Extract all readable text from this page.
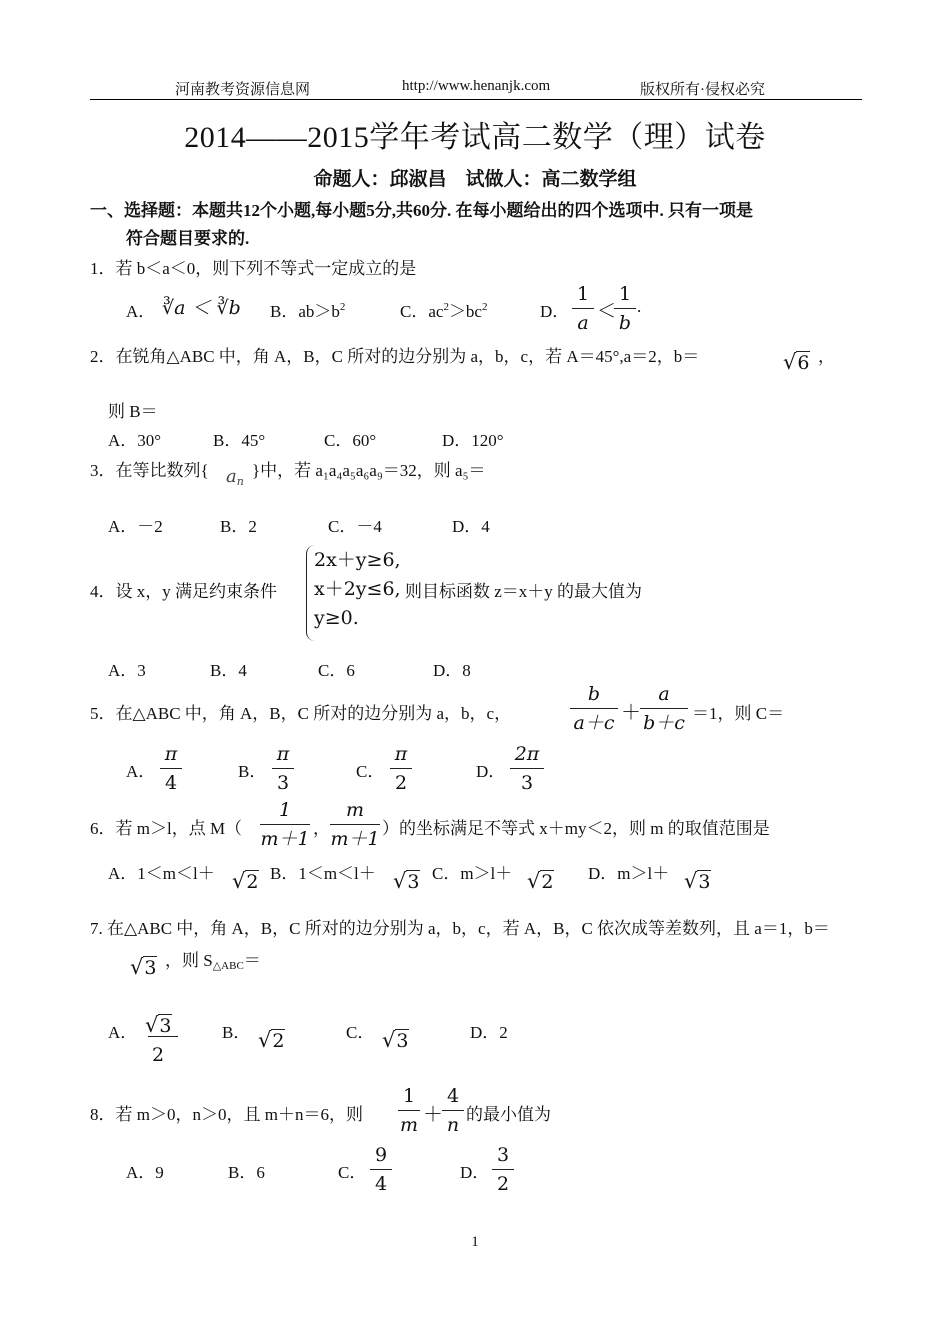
河南教考资源信息网	http://www.henanjk.com	版权所有·侵权必究
2014——2015学年考试高二数学（理）试卷
命题人：邱淑昌　试做人：高二数学组
一、选择题：本题共12个小题,每小题5分,共60分. 在每小题给出的四个选项中. 只有一项是
符合题目要求的.
1．若 b＜a＜0，则下列不等式一定成立的是
A． ∛a ＜ ∛b B．$ab>b^2$	C．$ac^2>bc^2$	D．
1
a
＜
1
b
.
2．在锐角△ABC 中，角 A，B，C 所对的边分别为 a，b，c，若 A＝45°,a＝2，b＝	√6 ，
则 B＝
A．30°	B．45°	C．60°	D．120°
3．在等比数列{ an
}中，若 a₁a₄a₅a₆a₉＝32，则 a₅＝
A．－2	B．2	C．－4	D．4
4．设 x，y 满足约束条件
2x＋y≥6,
x＋2y≤6,
y≥0.
则目标函数 z＝x＋y 的最大值为
A．3	B．4	C．6	D．8
5．在△ABC 中，角 A，B，C 所对的边分别为 a，b，c，
b
a＋c ＋
a
b＋c ＝1，则 C＝
A．
π
4
B．
π
3
C．
π
2
D．
2π
3
6．若 m＞l，点 M（
1
m＋1 ，
m
m＋1 ）的坐标满足不等式 x＋my＜2，则 m 的取值范围是
A．1＜m＜l＋ √2 B．1＜m＜l＋ √3 C．m＞l＋ √2 D．m＞l＋ √3
7. 在△ABC 中，角 A，B，C 所对的边分别为 a，b，c，若 A，B，C 依次成等差数列，且 a＝1，b＝
√3 ，则 S△ABC＝
A． √3
2
B． √2	C． √3	D．2
8．若 m＞0，n＞0，且 m＋n＝6，则
1
m ＋
4
n 的最小值为
A．9	B．6	C．
9
4
D．
3
2
1
